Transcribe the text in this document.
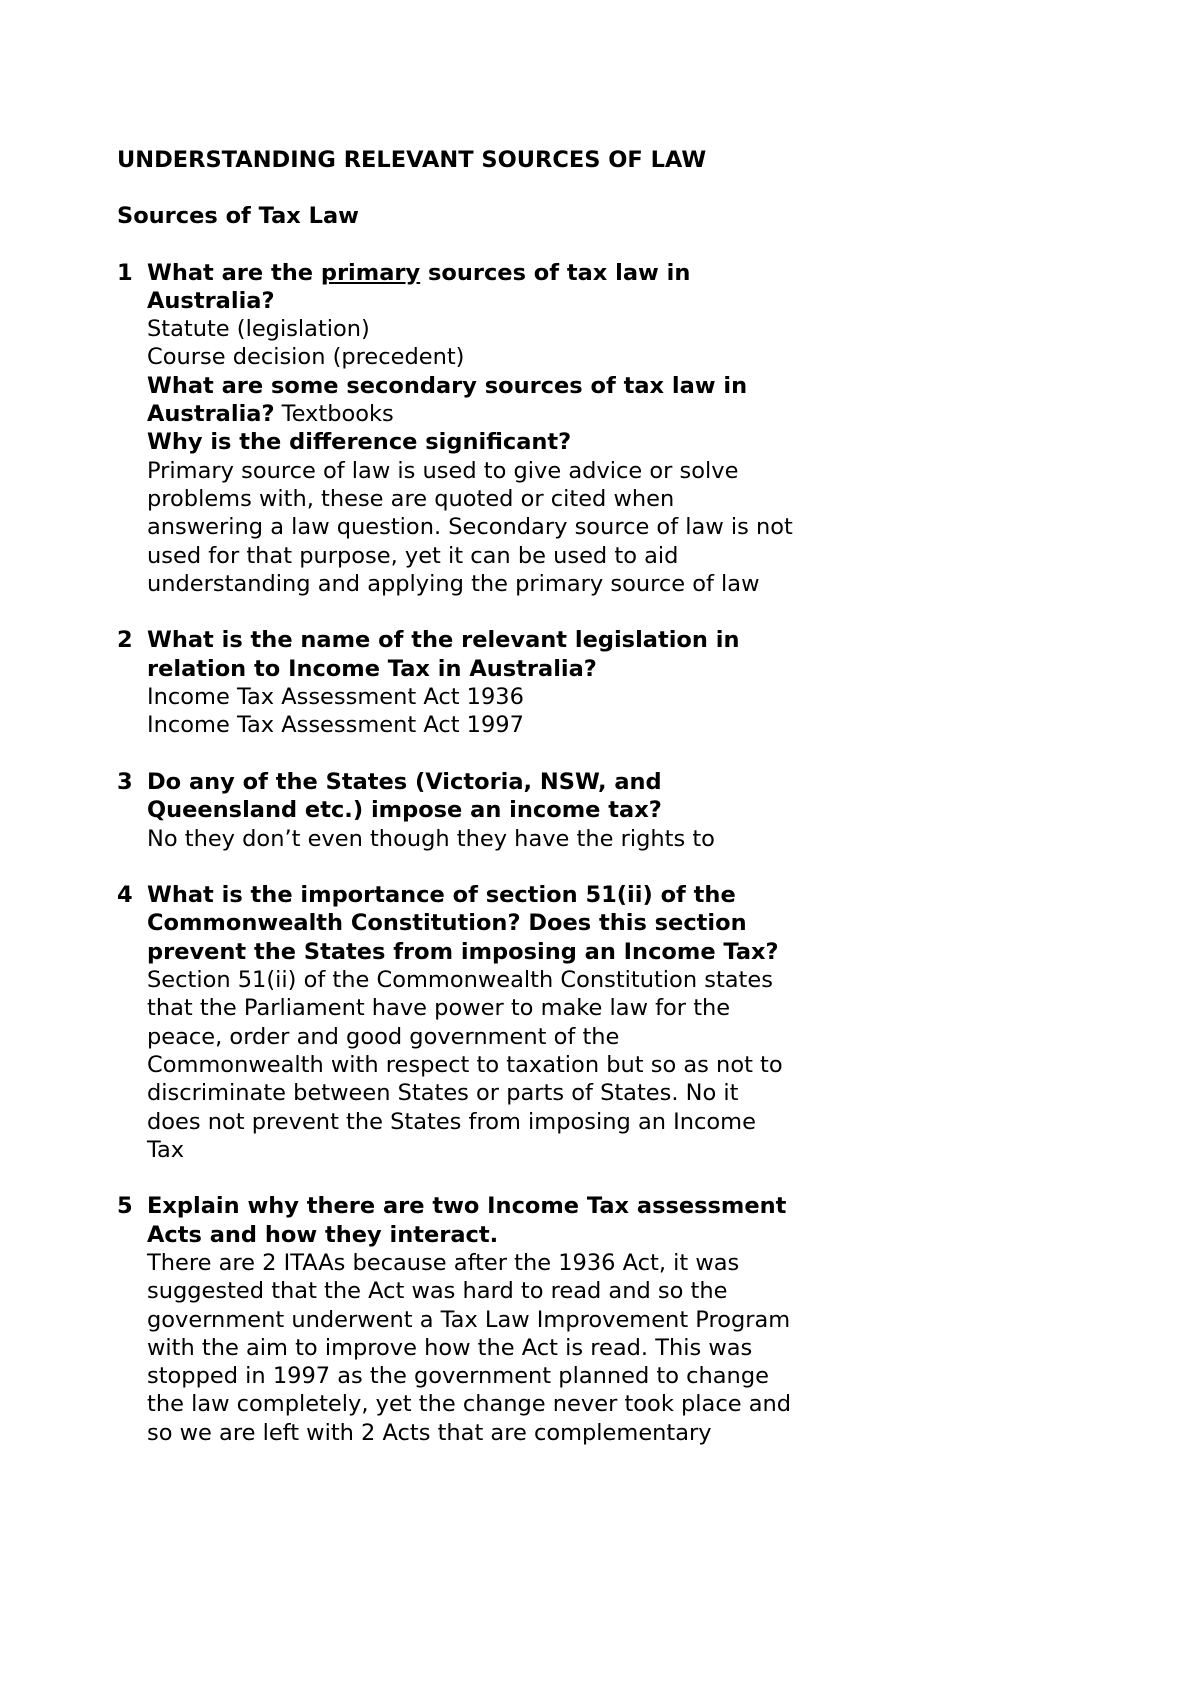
UNDERSTANDING RELEVANT SOURCES OF LAW

Sources of Tax Law

1 What are the primary sources of tax law in Australia?
Statute (legislation)
Course decision (precedent)
What are some secondary sources of tax law in Australia? Textbooks
Why is the difference significant?
Primary source of law is used to give advice or solve problems with, these are quoted or cited when answering a law question. Secondary source of law is not used for that purpose, yet it can be used to aid understanding and applying the primary source of law
2 What is the name of the relevant legislation in relation to Income Tax in Australia?
Income Tax Assessment Act 1936
Income Tax Assessment Act 1997
3 Do any of the States (Victoria, NSW, and Queensland etc.) impose an income tax?
No they don’t even though they have the rights to
4 What is the importance of section 51(ii) of the Commonwealth Constitution? Does this section prevent the States from imposing an Income Tax?
Section 51(ii) of the Commonwealth Constitution states that the Parliament have power to make law for the peace, order and good government of the Commonwealth with respect to taxation but so as not to discriminate between States or parts of States. No it does not prevent the States from imposing an Income Tax
5 Explain why there are two Income Tax assessment Acts and how they interact.
There are 2 ITAAs because after the 1936 Act, it was suggested that the Act was hard to read and so the government underwent a Tax Law Improvement Program with the aim to improve how the Act is read. This was stopped in 1997 as the government planned to change the law completely, yet the change never took place and so we are left with 2 Acts that are complementary
